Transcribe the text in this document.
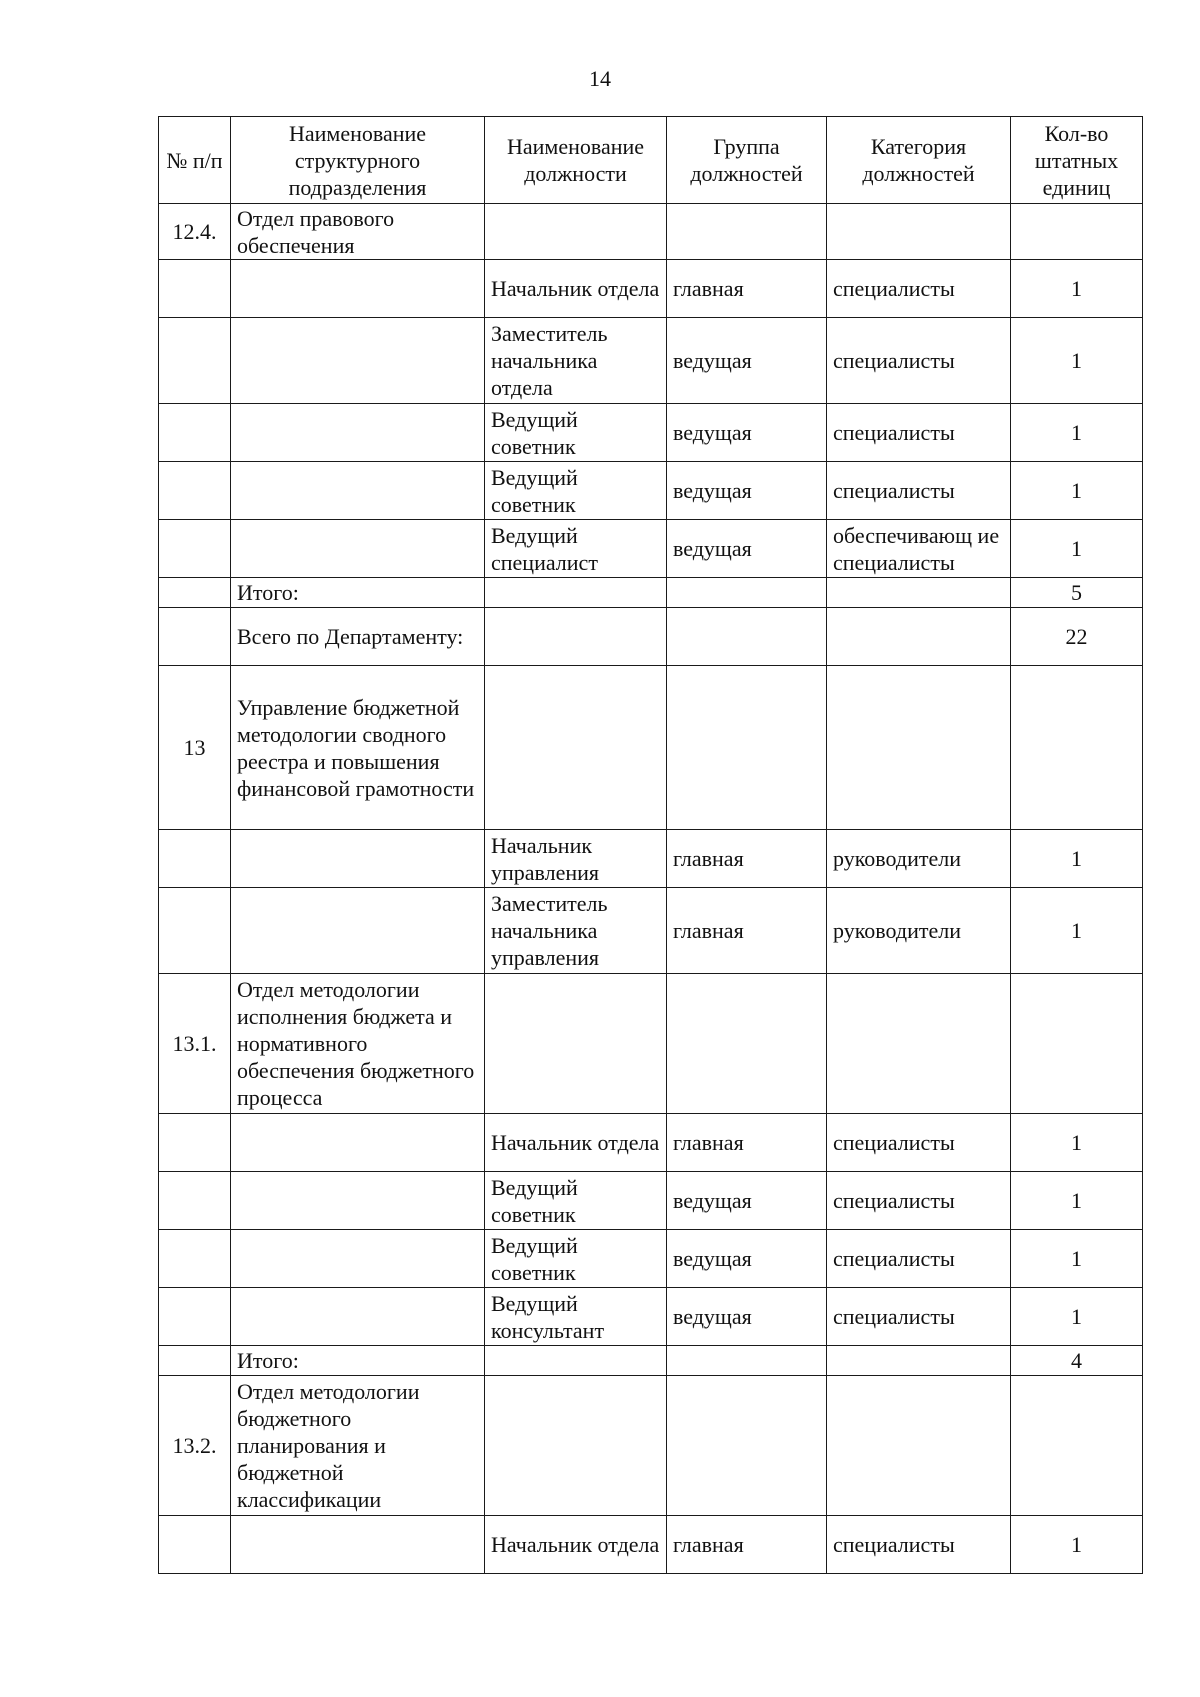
14
№ п/п	Наименование структурного подразделения	Наименование должности	Группа должностей	Категория должностей	Кол-во штатных единиц
12.4.	Отдел правового обеспечения				
		Начальник отдела	главная	специалисты	1
		Заместитель начальника отдела	ведущая	специалисты	1
		Ведущий советник	ведущая	специалисты	1
		Ведущий советник	ведущая	специалисты	1
		Ведущий специалист	ведущая	обеспечивающ ие специалисты	1
	Итого:				5
	Всего по Департаменту:				22
13	Управление бюджетной методологии сводного реестра и повышения финансовой грамотности				
		Начальник управления	главная	руководители	1
		Заместитель начальника управления	главная	руководители	1
13.1.	Отдел методологии исполнения бюджета и нормативного обеспечения бюджетного процесса				
		Начальник отдела	главная	специалисты	1
		Ведущий советник	ведущая	специалисты	1
		Ведущий советник	ведущая	специалисты	1
		Ведущий консультант	ведущая	специалисты	1
	Итого:				4
13.2.	Отдел методологии бюджетного планирования и бюджетной классификации				
		Начальник отдела	главная	специалисты	1
